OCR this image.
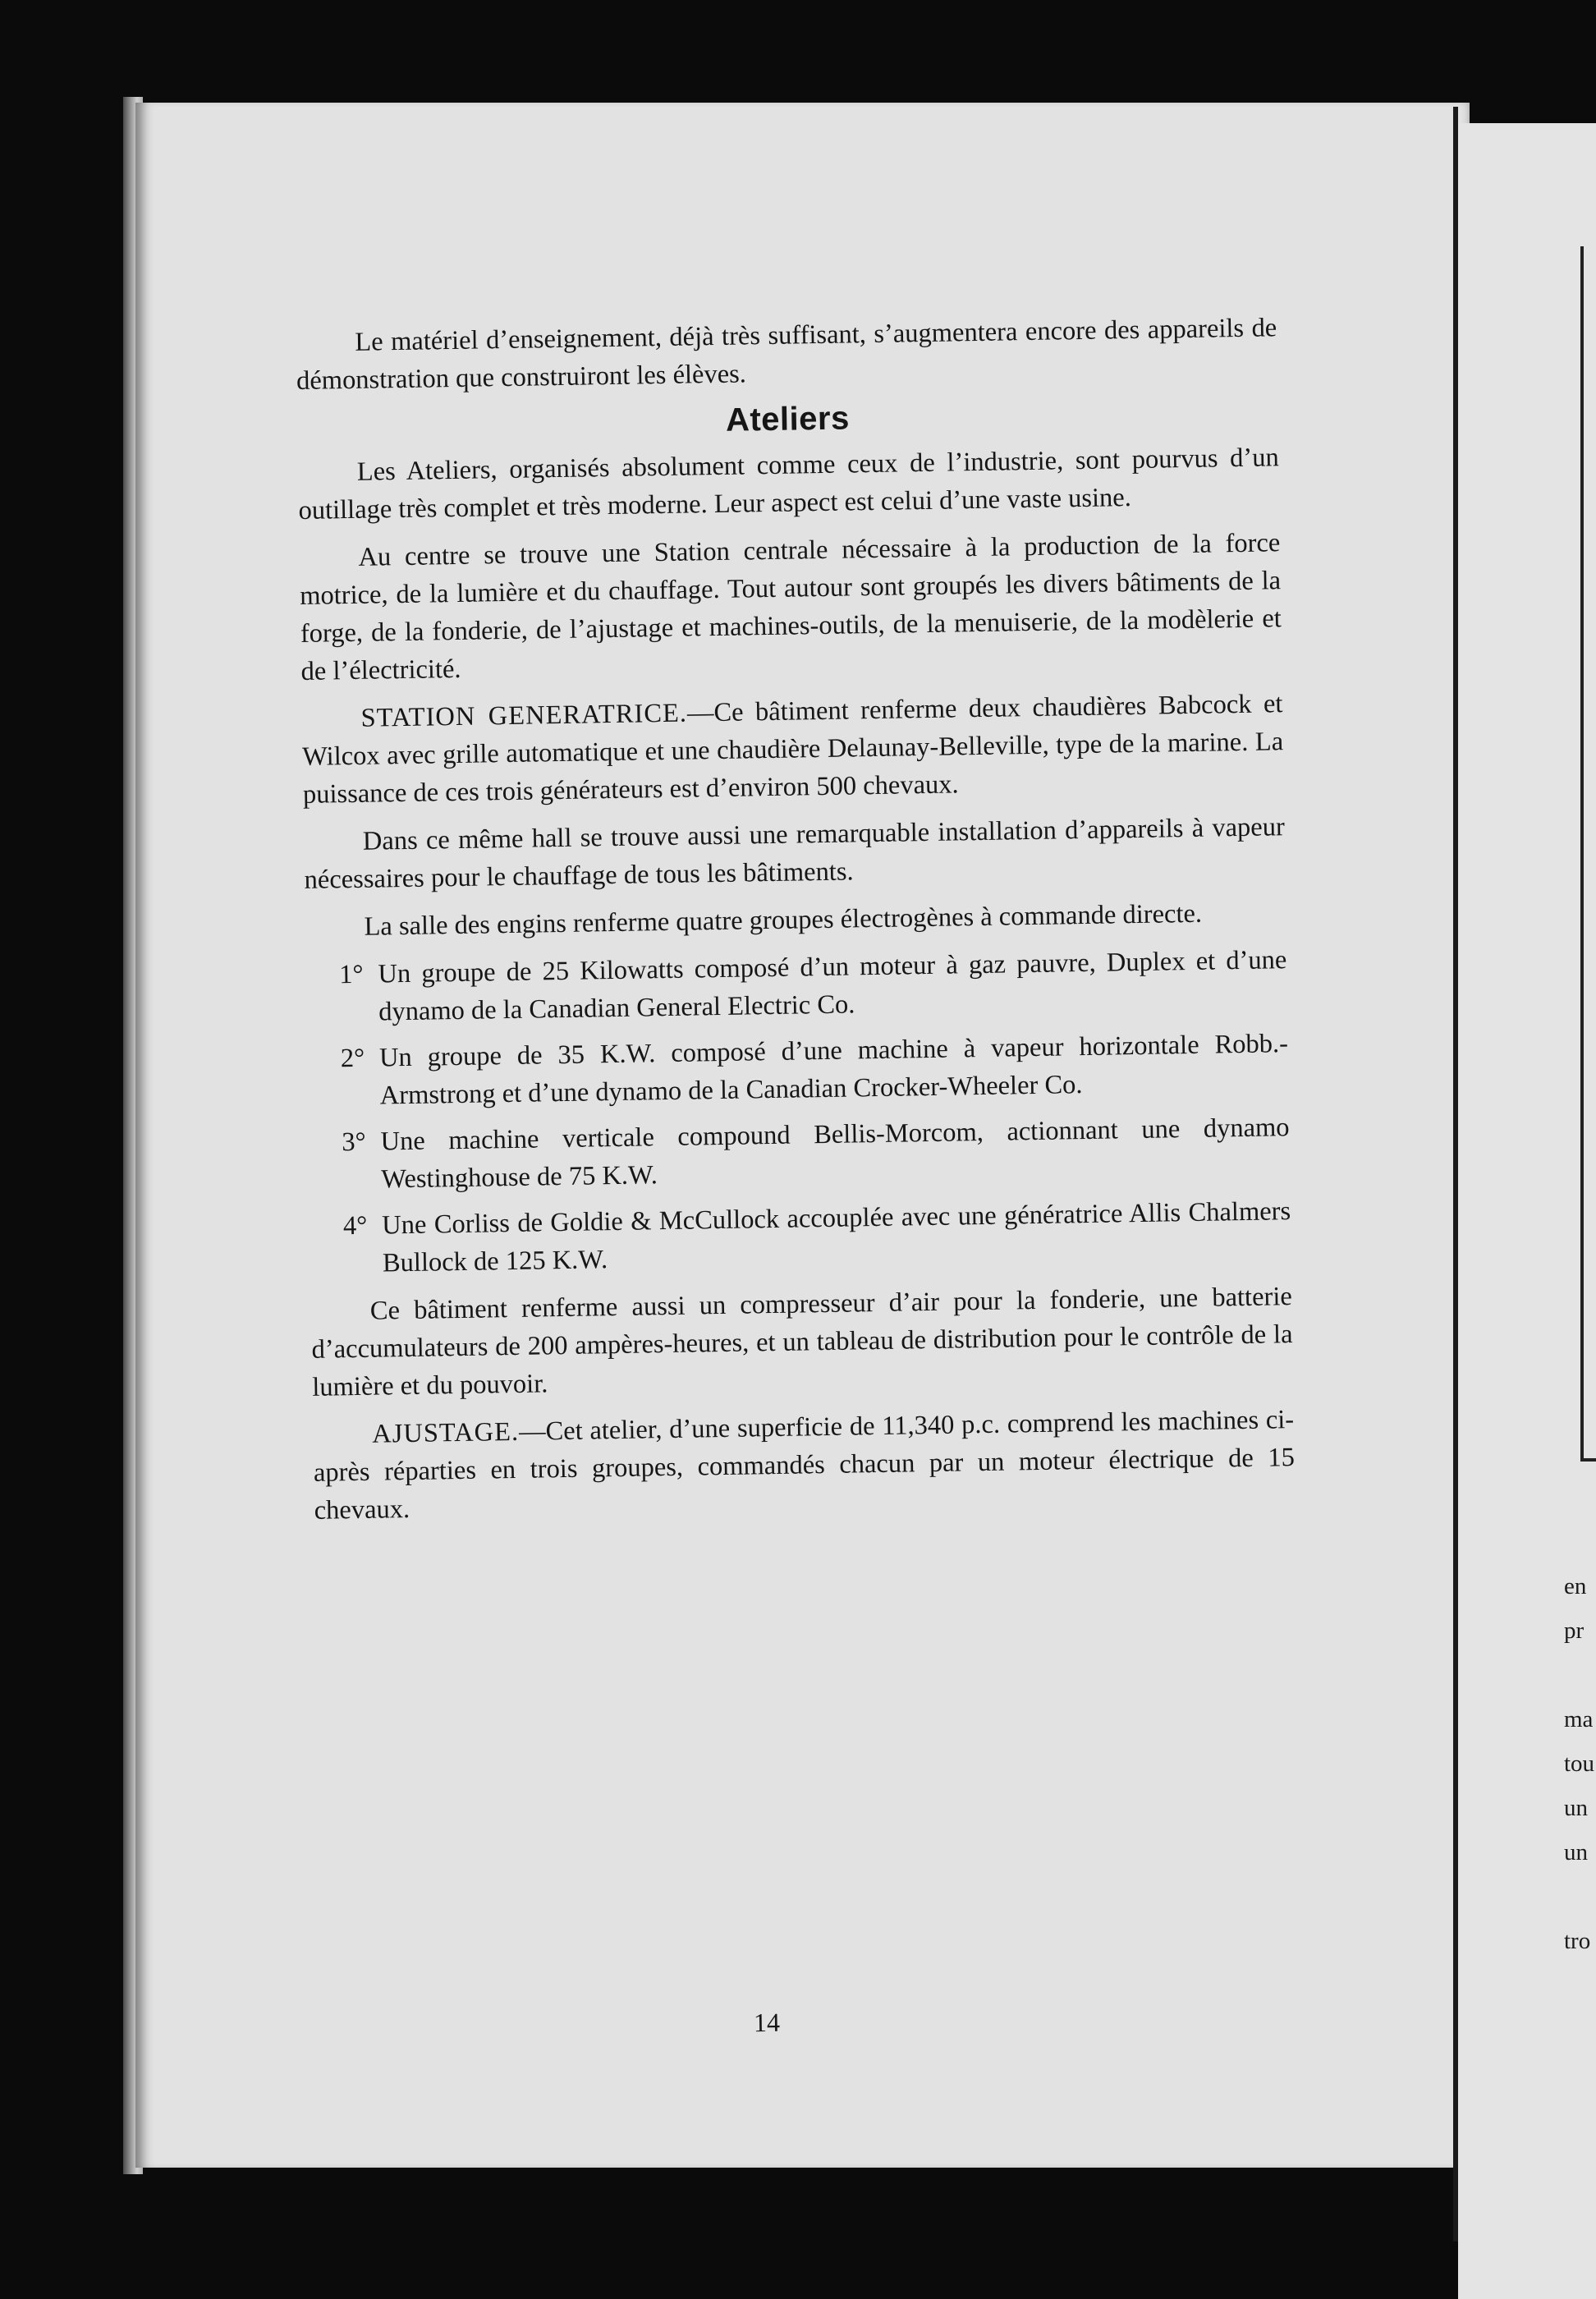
en
pr
ma
tou
un
un
tro

Le matériel d’enseignement, déjà très suffisant, s’augmentera encore des appareils de démonstration que construiront les élèves.

Ateliers

Les Ateliers, organisés absolument comme ceux de l’industrie, sont pourvus d’un outillage très complet et très moderne. Leur aspect est celui d’une vaste usine.

Au centre se trouve une Station centrale nécessaire à la production de la force motrice, de la lumière et du chauffage. Tout autour sont groupés les divers bâtiments de la forge, de la fonderie, de l’ajustage et machines-outils, de la menuiserie, de la modèlerie et de l’électricité.

STATION GENERATRICE.—Ce bâtiment renferme deux chaudières Babcock et Wilcox avec grille automatique et une chaudière Delaunay-Belleville, type de la marine. La puissance de ces trois générateurs est d’environ 500 chevaux.

Dans ce même hall se trouve aussi une remarquable installation d’appareils à vapeur nécessaires pour le chauffage de tous les bâtiments.

La salle des engins renferme quatre groupes électrogènes à commande directe.

1° Un groupe de 25 Kilowatts composé d’un moteur à gaz pauvre, Duplex et d’une dynamo de la Canadian General Electric Co.
2° Un groupe de 35 K.W. composé d’une machine à vapeur horizontale Robb.-Armstrong et d’une dynamo de la Canadian Crocker-Wheeler Co.
3° Une machine verticale compound Bellis-Morcom, actionnant une dynamo Westinghouse de 75 K.W.
4° Une Corliss de Goldie & McCullock accouplée avec une génératrice Allis Chalmers Bullock de 125 K.W.

Ce bâtiment renferme aussi un compresseur d’air pour la fonderie, une batterie d’accumulateurs de 200 ampères-heures, et un tableau de distribution pour le contrôle de la lumière et du pouvoir.

AJUSTAGE.—Cet atelier, d’une superficie de 11,340 p.c. comprend les machines ci-après réparties en trois groupes, commandés chacun par un moteur électrique de 15 chevaux.

14
